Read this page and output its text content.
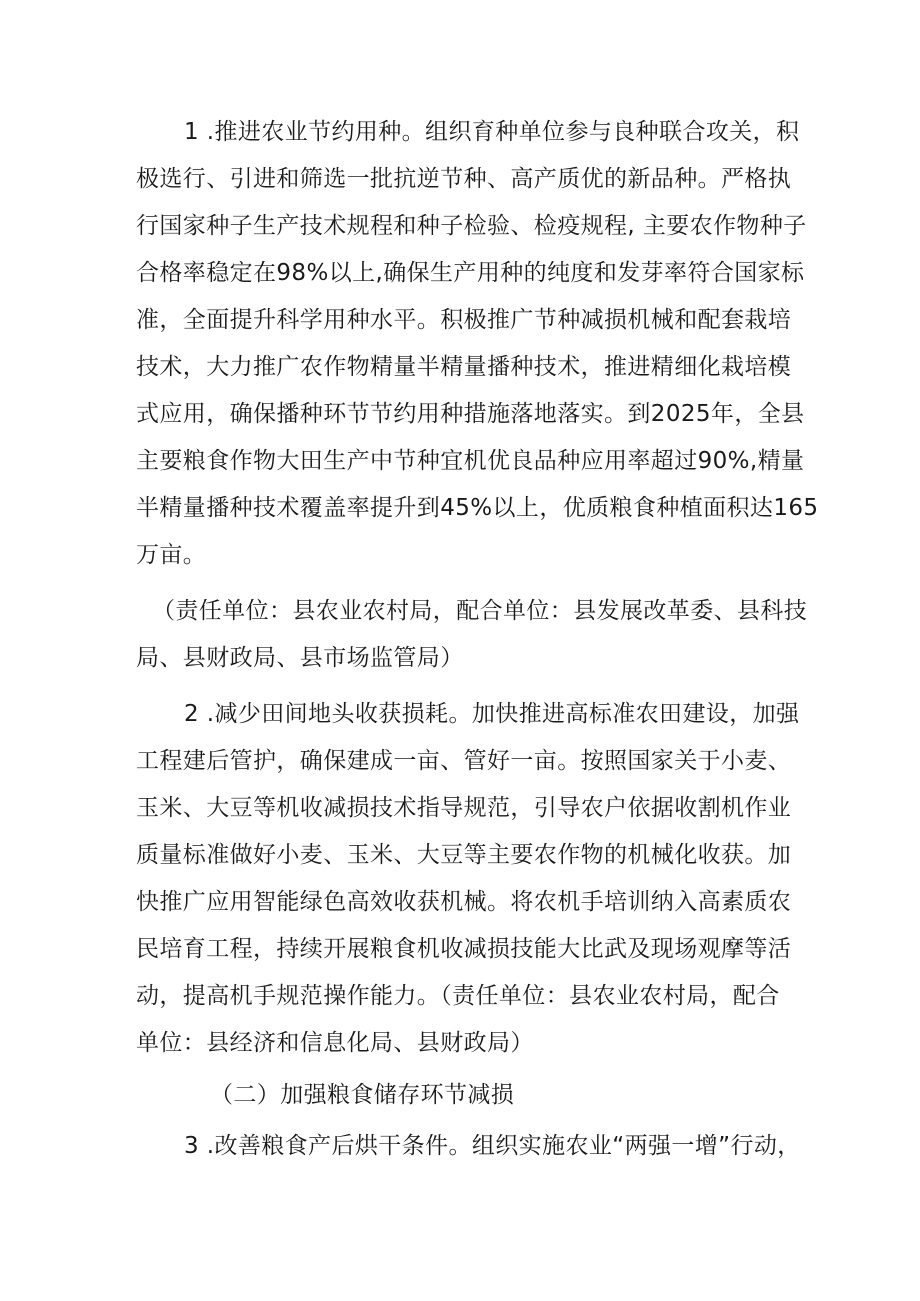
1 .推进农业节约用种。组织育种单位参与良种联合攻关，积
极选行、引进和筛选一批抗逆节种、高产质优的新品种。严格执
行国家种子生产技术规程和种子检验、检疫规程, 主要农作物种子
合格率稳定在98%以上,确保生产用种的纯度和发芽率符合国家标
准，全面提升科学用种水平。积极推广节种减损机械和配套栽培
技术，大力推广农作物精量半精量播种技术，推进精细化栽培模
式应用，确保播种环节节约用种措施落地落实。到2025年，全县
主要粮食作物大田生产中节种宜机优良品种应用率超过90%,精量
半精量播种技术覆盖率提升到45%以上，优质粮食种植面积达165
万亩。
（责任单位：县农业农村局，配合单位：县发展改革委、县科技
局、县财政局、县市场监管局）
2 .减少田间地头收获损耗。加快推进高标准农田建设，加强
工程建后管护，确保建成一亩、管好一亩。按照国家关于小麦、
玉米、大豆等机收减损技术指导规范，引导农户依据收割机作业
质量标准做好小麦、玉米、大豆等主要农作物的机械化收获。加
快推广应用智能绿色高效收获机械。将农机手培训纳入高素质农
民培育工程，持续开展粮食机收减损技能大比武及现场观摩等活
动，提高机手规范操作能力。（责任单位：县农业农村局，配合
单位：县经济和信息化局、县财政局）
（二）加强粮食储存环节减损
3 .改善粮食产后烘干条件。组织实施农业“两强一增”行动，
